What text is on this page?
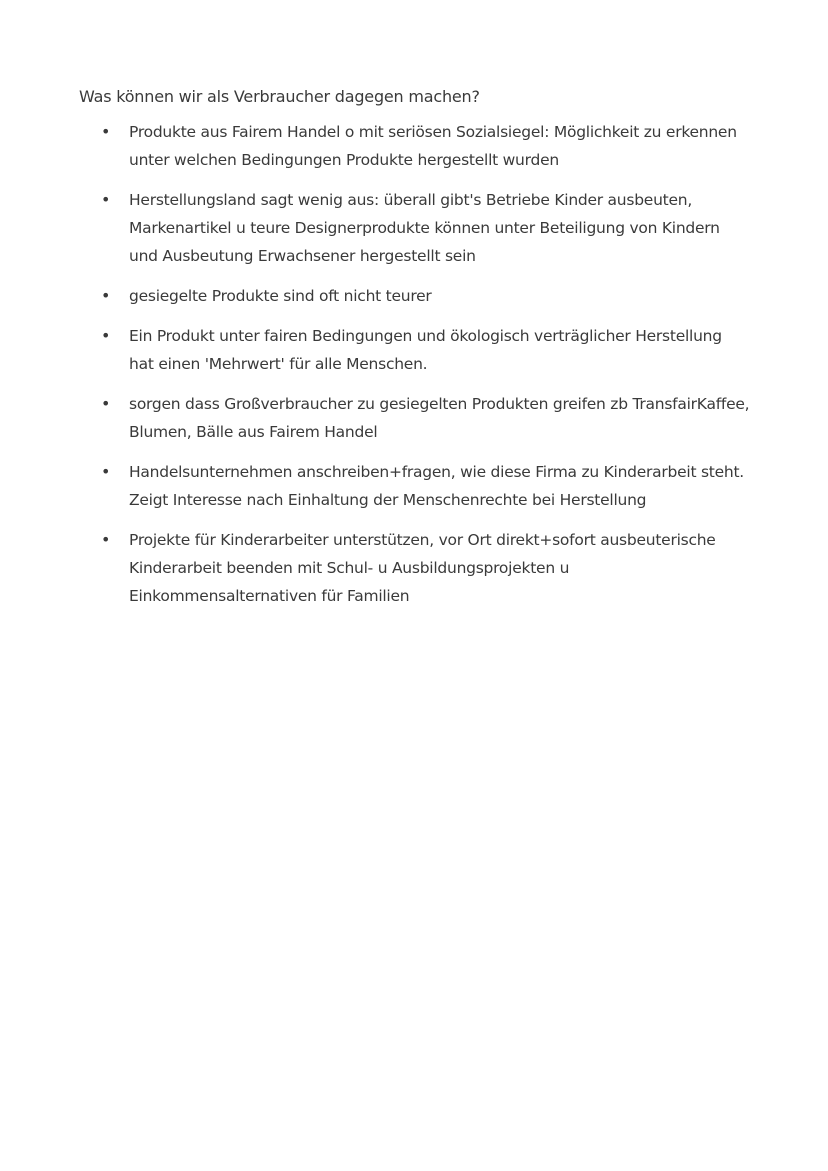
Was können wir als Verbraucher dagegen machen?

• Produkte aus Fairem Handel o mit seriösen Sozialsiegel: Möglichkeit zu erkennen
unter welchen Bedingungen Produkte hergestellt wurden
• Herstellungsland sagt wenig aus: überall gibt's Betriebe Kinder ausbeuten,
Markenartikel u teure Designerprodukte können unter Beteiligung von Kindern
und Ausbeutung Erwachsener hergestellt sein
• gesiegelte Produkte sind oft nicht teurer
• Ein Produkt unter fairen Bedingungen und ökologisch verträglicher Herstellung
hat einen 'Mehrwert' für alle Menschen.
• sorgen dass Großverbraucher zu gesiegelten Produkten greifen zb TransfairKaffee,
Blumen, Bälle aus Fairem Handel
• Handelsunternehmen anschreiben+fragen, wie diese Firma zu Kinderarbeit steht.
Zeigt Interesse nach Einhaltung der Menschenrechte bei Herstellung
• Projekte für Kinderarbeiter unterstützen, vor Ort direkt+sofort ausbeuterische
Kinderarbeit beenden mit Schul- u Ausbildungsprojekten u
Einkommensalternativen für Familien
